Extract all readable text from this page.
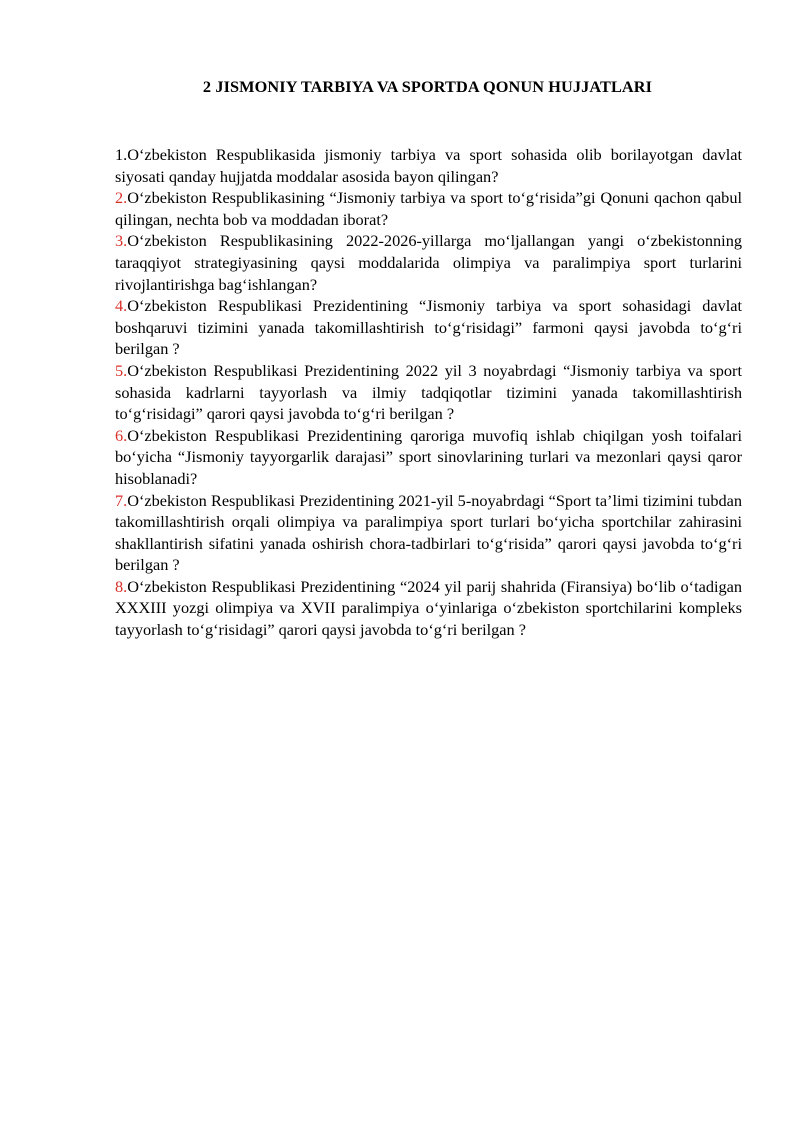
2 JISMONIY TARBIYA VA SPORTDA QONUN HUJJATLARI

1.O‘zbekiston Respublikasida jismoniy tarbiya va sport sohasida olib borilayotgan davlat siyosati qanday hujjatda moddalar asosida bayon qilingan?

2.O‘zbekiston Respublikasining “Jismoniy tarbiya va sport to‘g‘risida”gi Qonuni qachon qabul qilingan, nechta bob va moddadan iborat?

3.O‘zbekiston Respublikasining 2022-2026-yillarga mo‘ljallangan yangi o‘zbekistonning taraqqiyot strategiyasining qaysi moddalarida olimpiya va paralimpiya sport turlarini rivojlantirishga bag‘ishlangan?

4.O‘zbekiston Respublikasi Prezidentining “Jismoniy tarbiya va sport sohasidagi davlat boshqaruvi tizimini yanada takomillashtirish to‘g‘risidagi” farmoni qaysi javobda to‘g‘ri berilgan ?

5.O‘zbekiston Respublikasi Prezidentining 2022 yil 3 noyabrdagi “Jismoniy tarbiya va sport sohasida kadrlarni tayyorlash va ilmiy tadqiqotlar tizimini yanada takomillashtirish to‘g‘risidagi” qarori qaysi javobda to‘g‘ri berilgan ?

6.O‘zbekiston Respublikasi Prezidentining qaroriga muvofiq ishlab chiqilgan yosh toifalari bo‘yicha “Jismoniy tayyorgarlik darajasi” sport sinovlarining turlari va mezonlari qaysi qaror hisoblanadi?

7.O‘zbekiston Respublikasi Prezidentining 2021-yil 5-noyabrdagi “Sport ta’limi tizimini tubdan takomillashtirish orqali olimpiya va paralimpiya sport turlari bo‘yicha sportchilar zahirasini shakllantirish sifatini yanada oshirish chora-tadbirlari to‘g‘risida” qarori qaysi javobda to‘g‘ri berilgan ?

8.O‘zbekiston Respublikasi Prezidentining “2024 yil parij shahrida (Firansiya) bo‘lib o‘tadigan XXXIII yozgi olimpiya va XVII paralimpiya o‘yinlariga o‘zbekiston sportchilarini kompleks tayyorlash to‘g‘risidagi” qarori qaysi javobda to‘g‘ri berilgan ?
